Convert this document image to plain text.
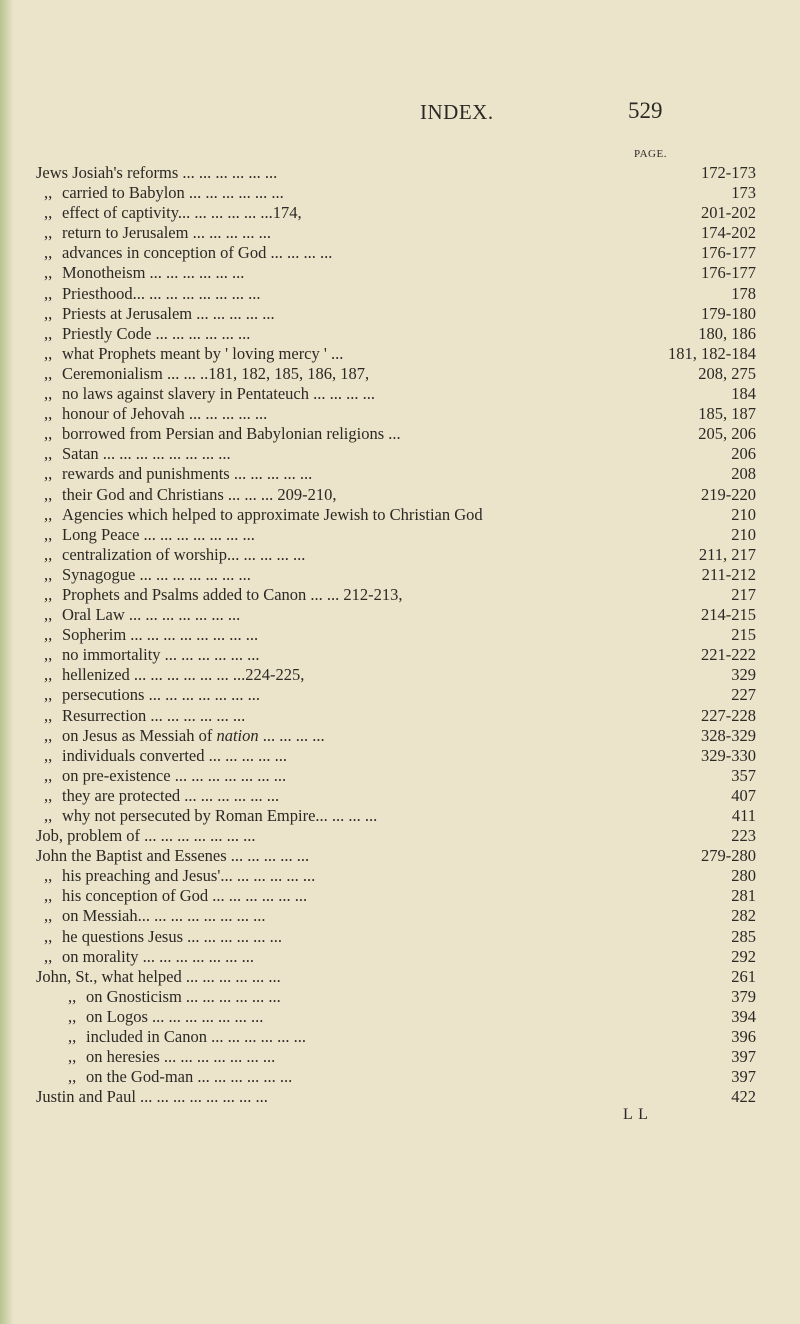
INDEX.	529
PAGE.
Jews Josiah's reforms ... ... ... ... ... ...	172-173
,, carried to Babylon ... ... ... ... ... ...	173
,, effect of captivity... ... ... ... ... ...174,	201-202
,, return to Jerusalem ... ... ... ... ...	174-202
,, advances in conception of God ... ... ... ...	176-177
,, Monotheism ... ... ... ... ... ...	176-177
,, Priesthood... ... ... ... ... ... ... ...	178
,, Priests at Jerusalem ... ... ... ... ...	179-180
,, Priestly Code ... ... ... ... ... ...	180, 186
,, what Prophets meant by ' loving mercy ' ...	181, 182-184
,, Ceremonialism ... ... ..181, 182, 185, 186, 187,	208, 275
,, no laws against slavery in Pentateuch ... ... ... ...	184
,, honour of Jehovah ... ... ... ... ...	185, 187
,, borrowed from Persian and Babylonian religions ...	205, 206
,, Satan ... ... ... ... ... ... ... ...	206
,, rewards and punishments ... ... ... ... ...	208
,, their God and Christians ... ... ... 209-210,	219-220
,, Agencies which helped to approximate Jewish to Christian God	210
,, Long Peace ... ... ... ... ... ... ...	210
,, centralization of worship... ... ... ... ...	211, 217
,, Synagogue ... ... ... ... ... ... ...	211-212
,, Prophets and Psalms added to Canon ... ... 212-213,	217
,, Oral Law ... ... ... ... ... ... ...	214-215
,, Sopherim ... ... ... ... ... ... ... ...	215
,, no immortality ... ... ... ... ... ...	221-222
,, hellenized ... ... ... ... ... ... ...224-225,	329
,, persecutions ... ... ... ... ... ... ...	227
,, Resurrection ... ... ... ... ... ...	227-228
,, on Jesus as Messiah of nation ... ... ... ...	328-329
,, individuals converted ... ... ... ... ...	329-330
,, on pre-existence ... ... ... ... ... ... ...	357
,, they are protected ... ... ... ... ... ...	407
,, why not persecuted by Roman Empire... ... ... ...	411
Job, problem of ... ... ... ... ... ... ...	223
John the Baptist and Essenes ... ... ... ... ...	279-280
,, his preaching and Jesus'... ... ... ... ... ...	280
,, his conception of God ... ... ... ... ... ...	281
,, on Messiah... ... ... ... ... ... ... ...	282
,, he questions Jesus ... ... ... ... ... ...	285
,, on morality ... ... ... ... ... ... ...	292
John, St., what helped ... ... ... ... ... ...	261
,, on Gnosticism ... ... ... ... ... ...	379
,, on Logos ... ... ... ... ... ... ...	394
,, included in Canon ... ... ... ... ... ...	396
,, on heresies ... ... ... ... ... ... ...	397
,, on the God-man ... ... ... ... ... ...	397
Justin and Paul ... ... ... ... ... ... ... ...	422
L L
